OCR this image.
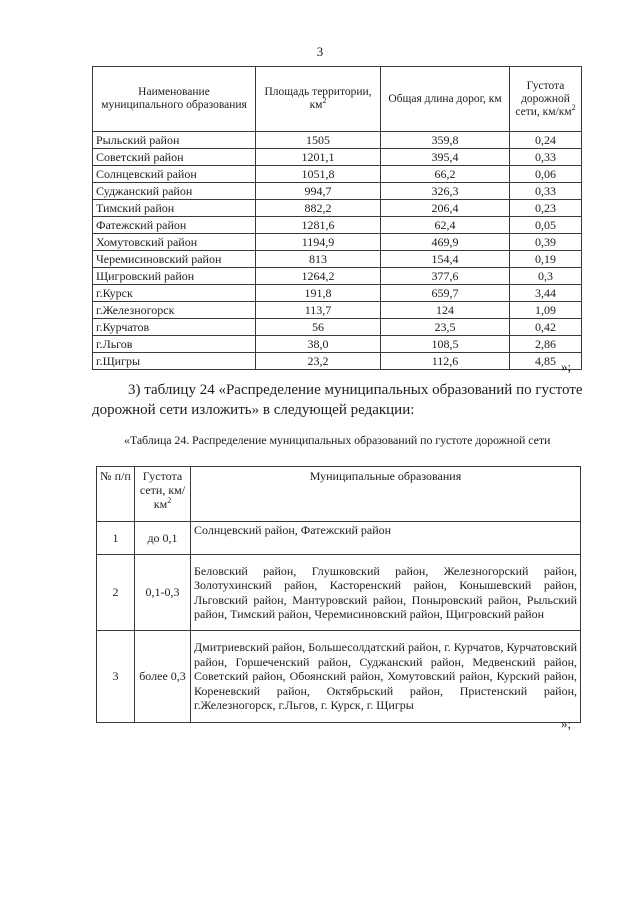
3
Наименование муниципального образования	Площадь территории, $км^2$	Общая длина дорог, км	Густота дорожной сети, $км/км^2$
Рыльский район	1505	359,8	0,24
Советский район	1201,1	395,4	0,33
Солнцевский район	1051,8	66,2	0,06
Суджанский район	994,7	326,3	0,33
Тимский район	882,2	206,4	0,23
Фатежский район	1281,6	62,4	0,05
Хомутовский район	1194,9	469,9	0,39
Черемисиновский район	813	154,4	0,19
Щигровский район	1264,2	377,6	0,3
г.Курск	191,8	659,7	3,44
г.Железногорск	113,7	124	1,09
г.Курчатов	56	23,5	0,42
г.Льгов	38,0	108,5	2,86
г.Щигры	23,2	112,6	4,85 »;
3) таблицу 24 «Распределение муниципальных образований по густоте
дорожной сети изложить» в следующей редакции:
«Таблица 24. Распределение муниципальных образований по густоте дорожной сети
№ п/п	Густота сети, $км/км^2$	Муниципальные образования
1	до 0,1	Солнцевский район, Фатежский район
2	0,1-0,3	Беловский район, Глушковский район, Железногорский район, Золотухинский район, Касторенский район, Конышевский район, Льговский район, Мантуровский район, Поныровский район, Рыльский район, Тимский район, Черемисиновский район, Щигровский район
3	более 0,3	Дмитриевский район, Большесолдатский район, г. Курчатов, Курчатовский район, Горшеченский район, Суджанский район, Медвенский район, Советский район, Обоянский район, Хомутовский район, Курский район, Кореневский район, Октябрьский район, Пристенский район, г.Железногорск, г.Льгов, г. Курск, г. Щигры
»;
